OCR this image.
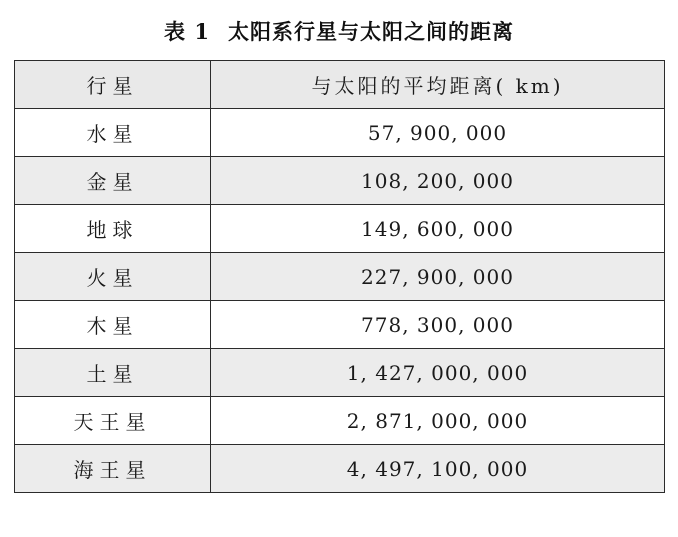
表 1 太阳系行星与太阳之间的距离
行星	与太阳的平均距离( km)
水星	57, 900, 000
金星	108, 200, 000
地球	149, 600, 000
火星	227, 900, 000
木星	778, 300, 000
土星	1, 427, 000, 000
天王星	2, 871, 000, 000
海王星	4, 497, 100, 000
